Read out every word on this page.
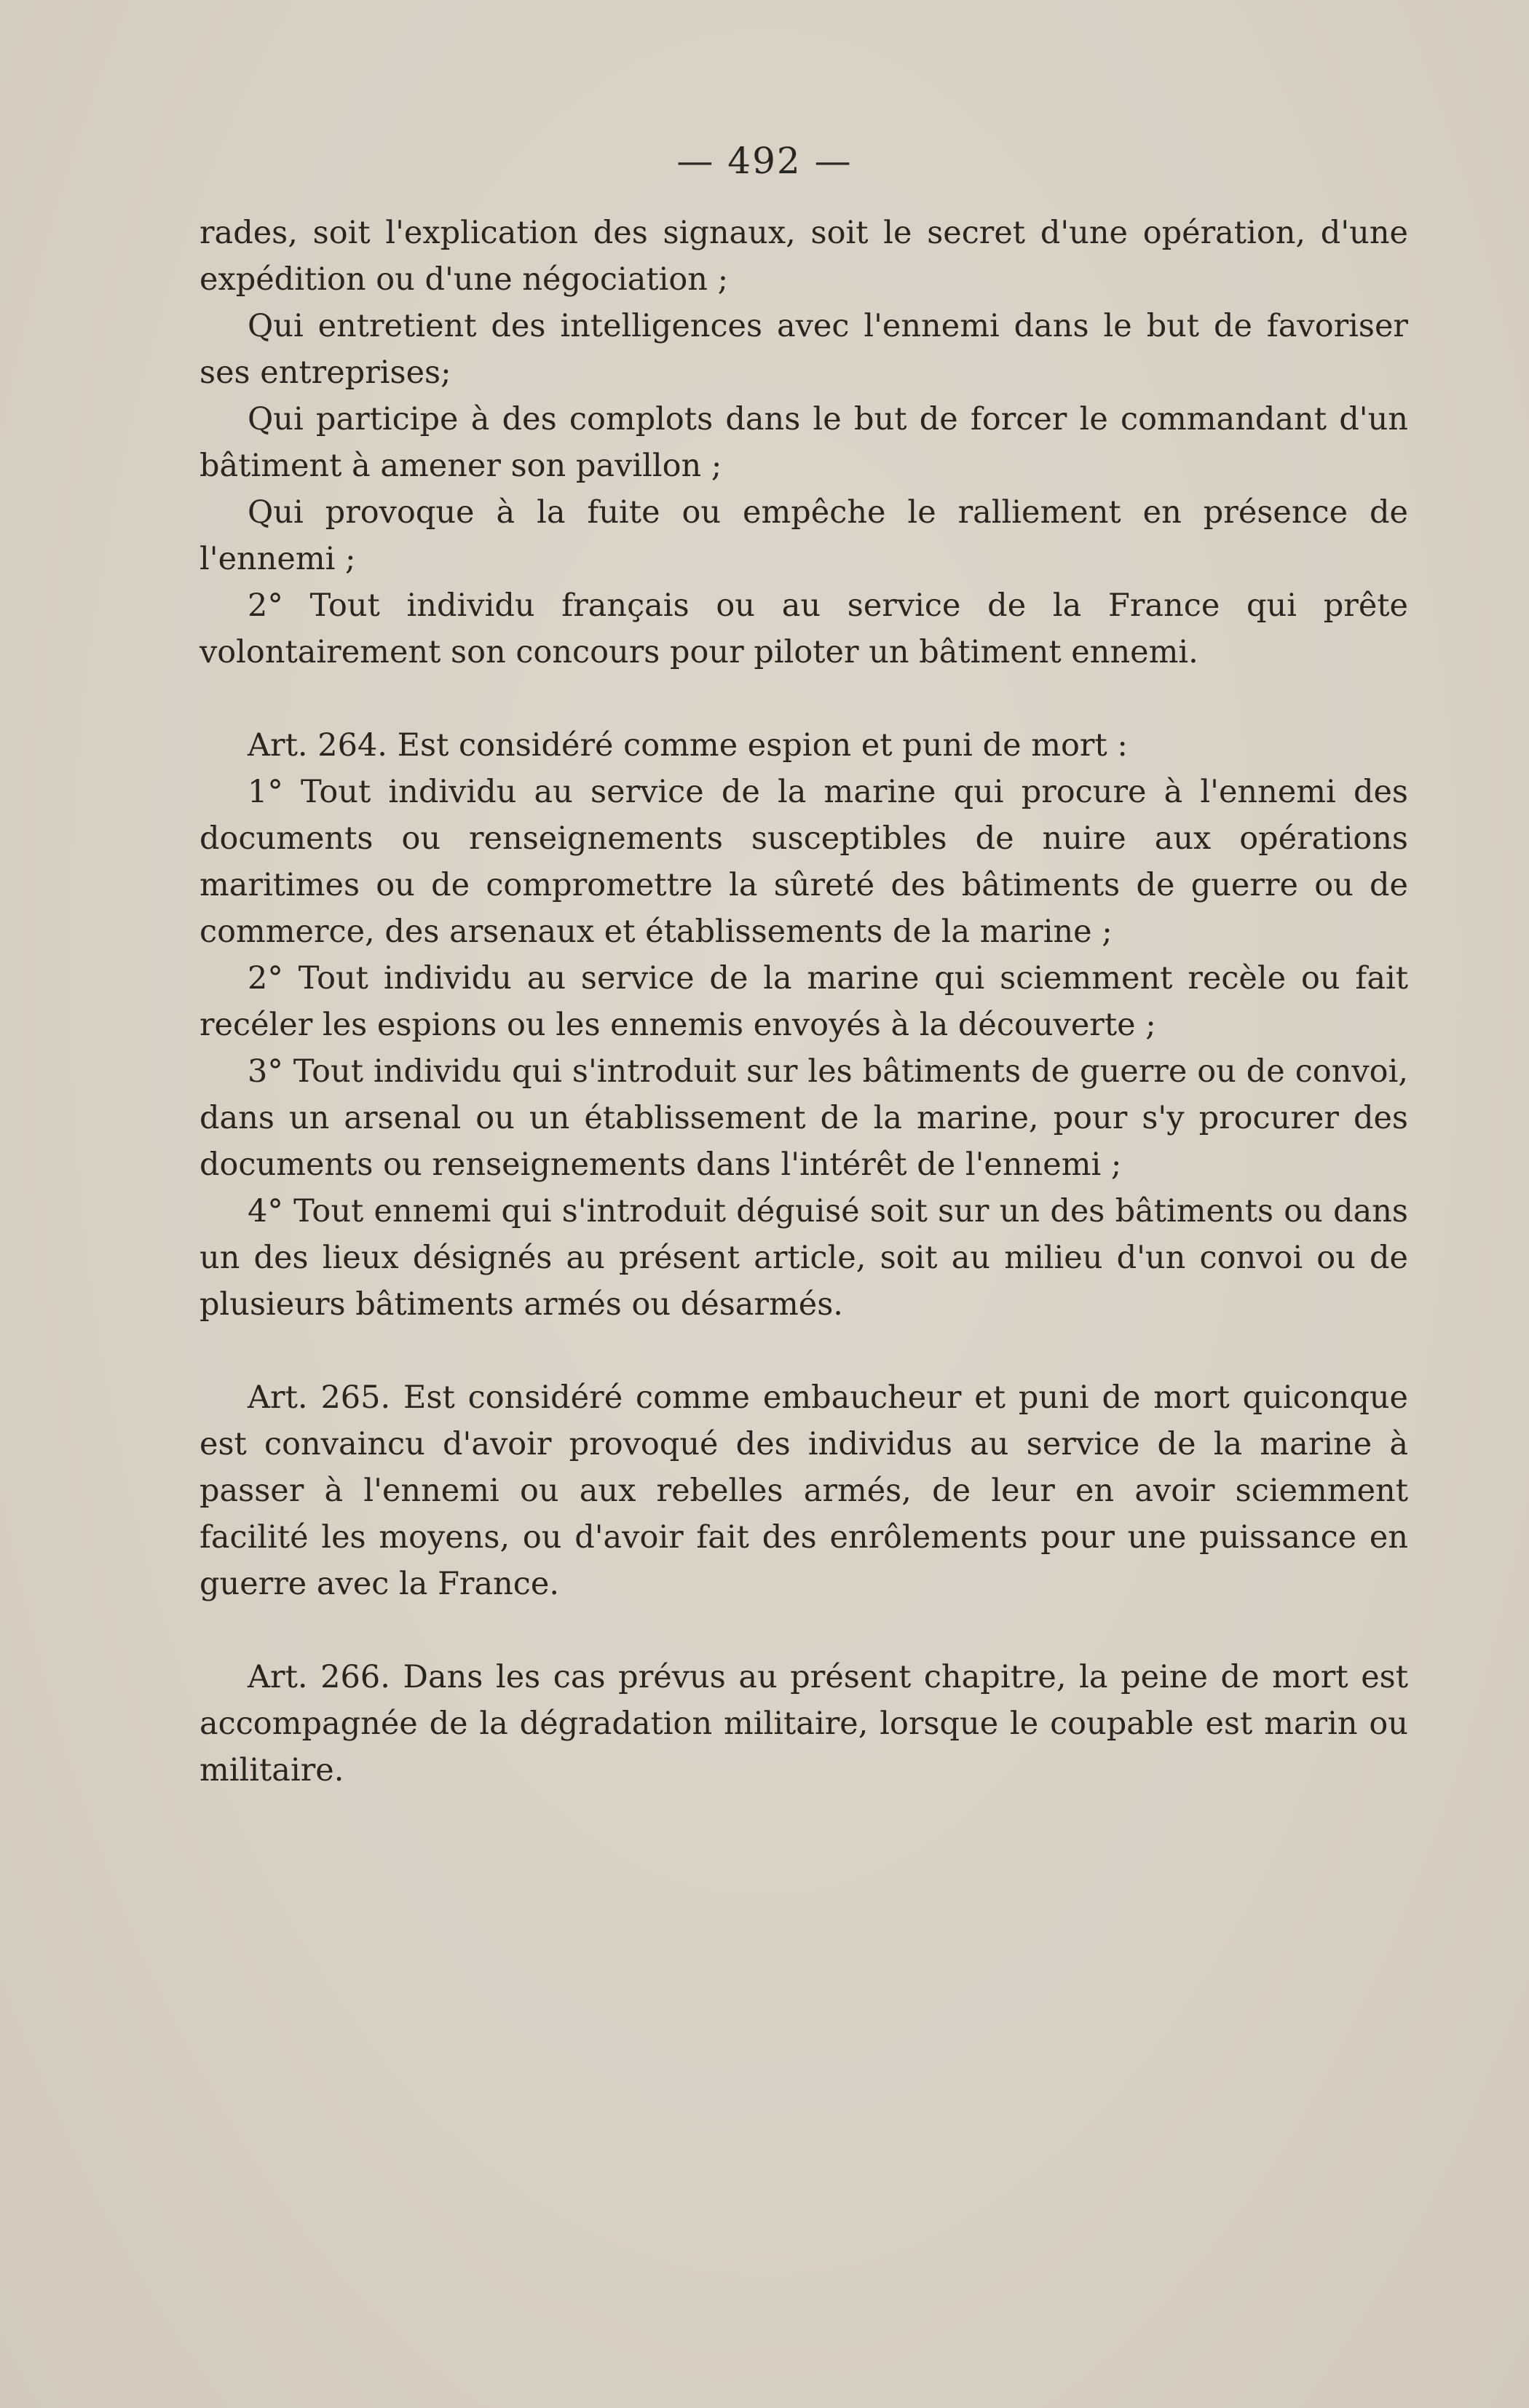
— 492 —

rades, soit l'explication des signaux, soit le secret d'une opération, d'une expédition ou d'une négociation ;

Qui entretient des intelligences avec l'ennemi dans le but de favoriser ses entreprises;

Qui participe à des complots dans le but de forcer le commandant d'un bâtiment à amener son pavillon ;

Qui provoque à la fuite ou empêche le ralliement en présence de l'ennemi ;

2° Tout individu français ou au service de la France qui prête volontairement son concours pour piloter un bâtiment ennemi.

Art. 264. Est considéré comme espion et puni de mort :

1° Tout individu au service de la marine qui procure à l'ennemi des documents ou renseignements susceptibles de nuire aux opérations maritimes ou de compromettre la sûreté des bâtiments de guerre ou de commerce, des arsenaux et établissements de la marine ;

2° Tout individu au service de la marine qui sciemment recèle ou fait recéler les espions ou les ennemis envoyés à la découverte ;

3° Tout individu qui s'introduit sur les bâtiments de guerre ou de convoi, dans un arsenal ou un établissement de la marine, pour s'y procurer des documents ou renseignements dans l'intérêt de l'ennemi ;

4° Tout ennemi qui s'introduit déguisé soit sur un des bâtiments ou dans un des lieux désignés au présent article, soit au milieu d'un convoi ou de plusieurs bâtiments armés ou désarmés.

Art. 265. Est considéré comme embaucheur et puni de mort quiconque est convaincu d'avoir provoqué des individus au service de la marine à passer à l'ennemi ou aux rebelles armés, de leur en avoir sciemment facilité les moyens, ou d'avoir fait des enrôlements pour une puissance en guerre avec la France.

Art. 266. Dans les cas prévus au présent chapitre, la peine de mort est accompagnée de la dégradation militaire, lorsque le coupable est marin ou militaire.
